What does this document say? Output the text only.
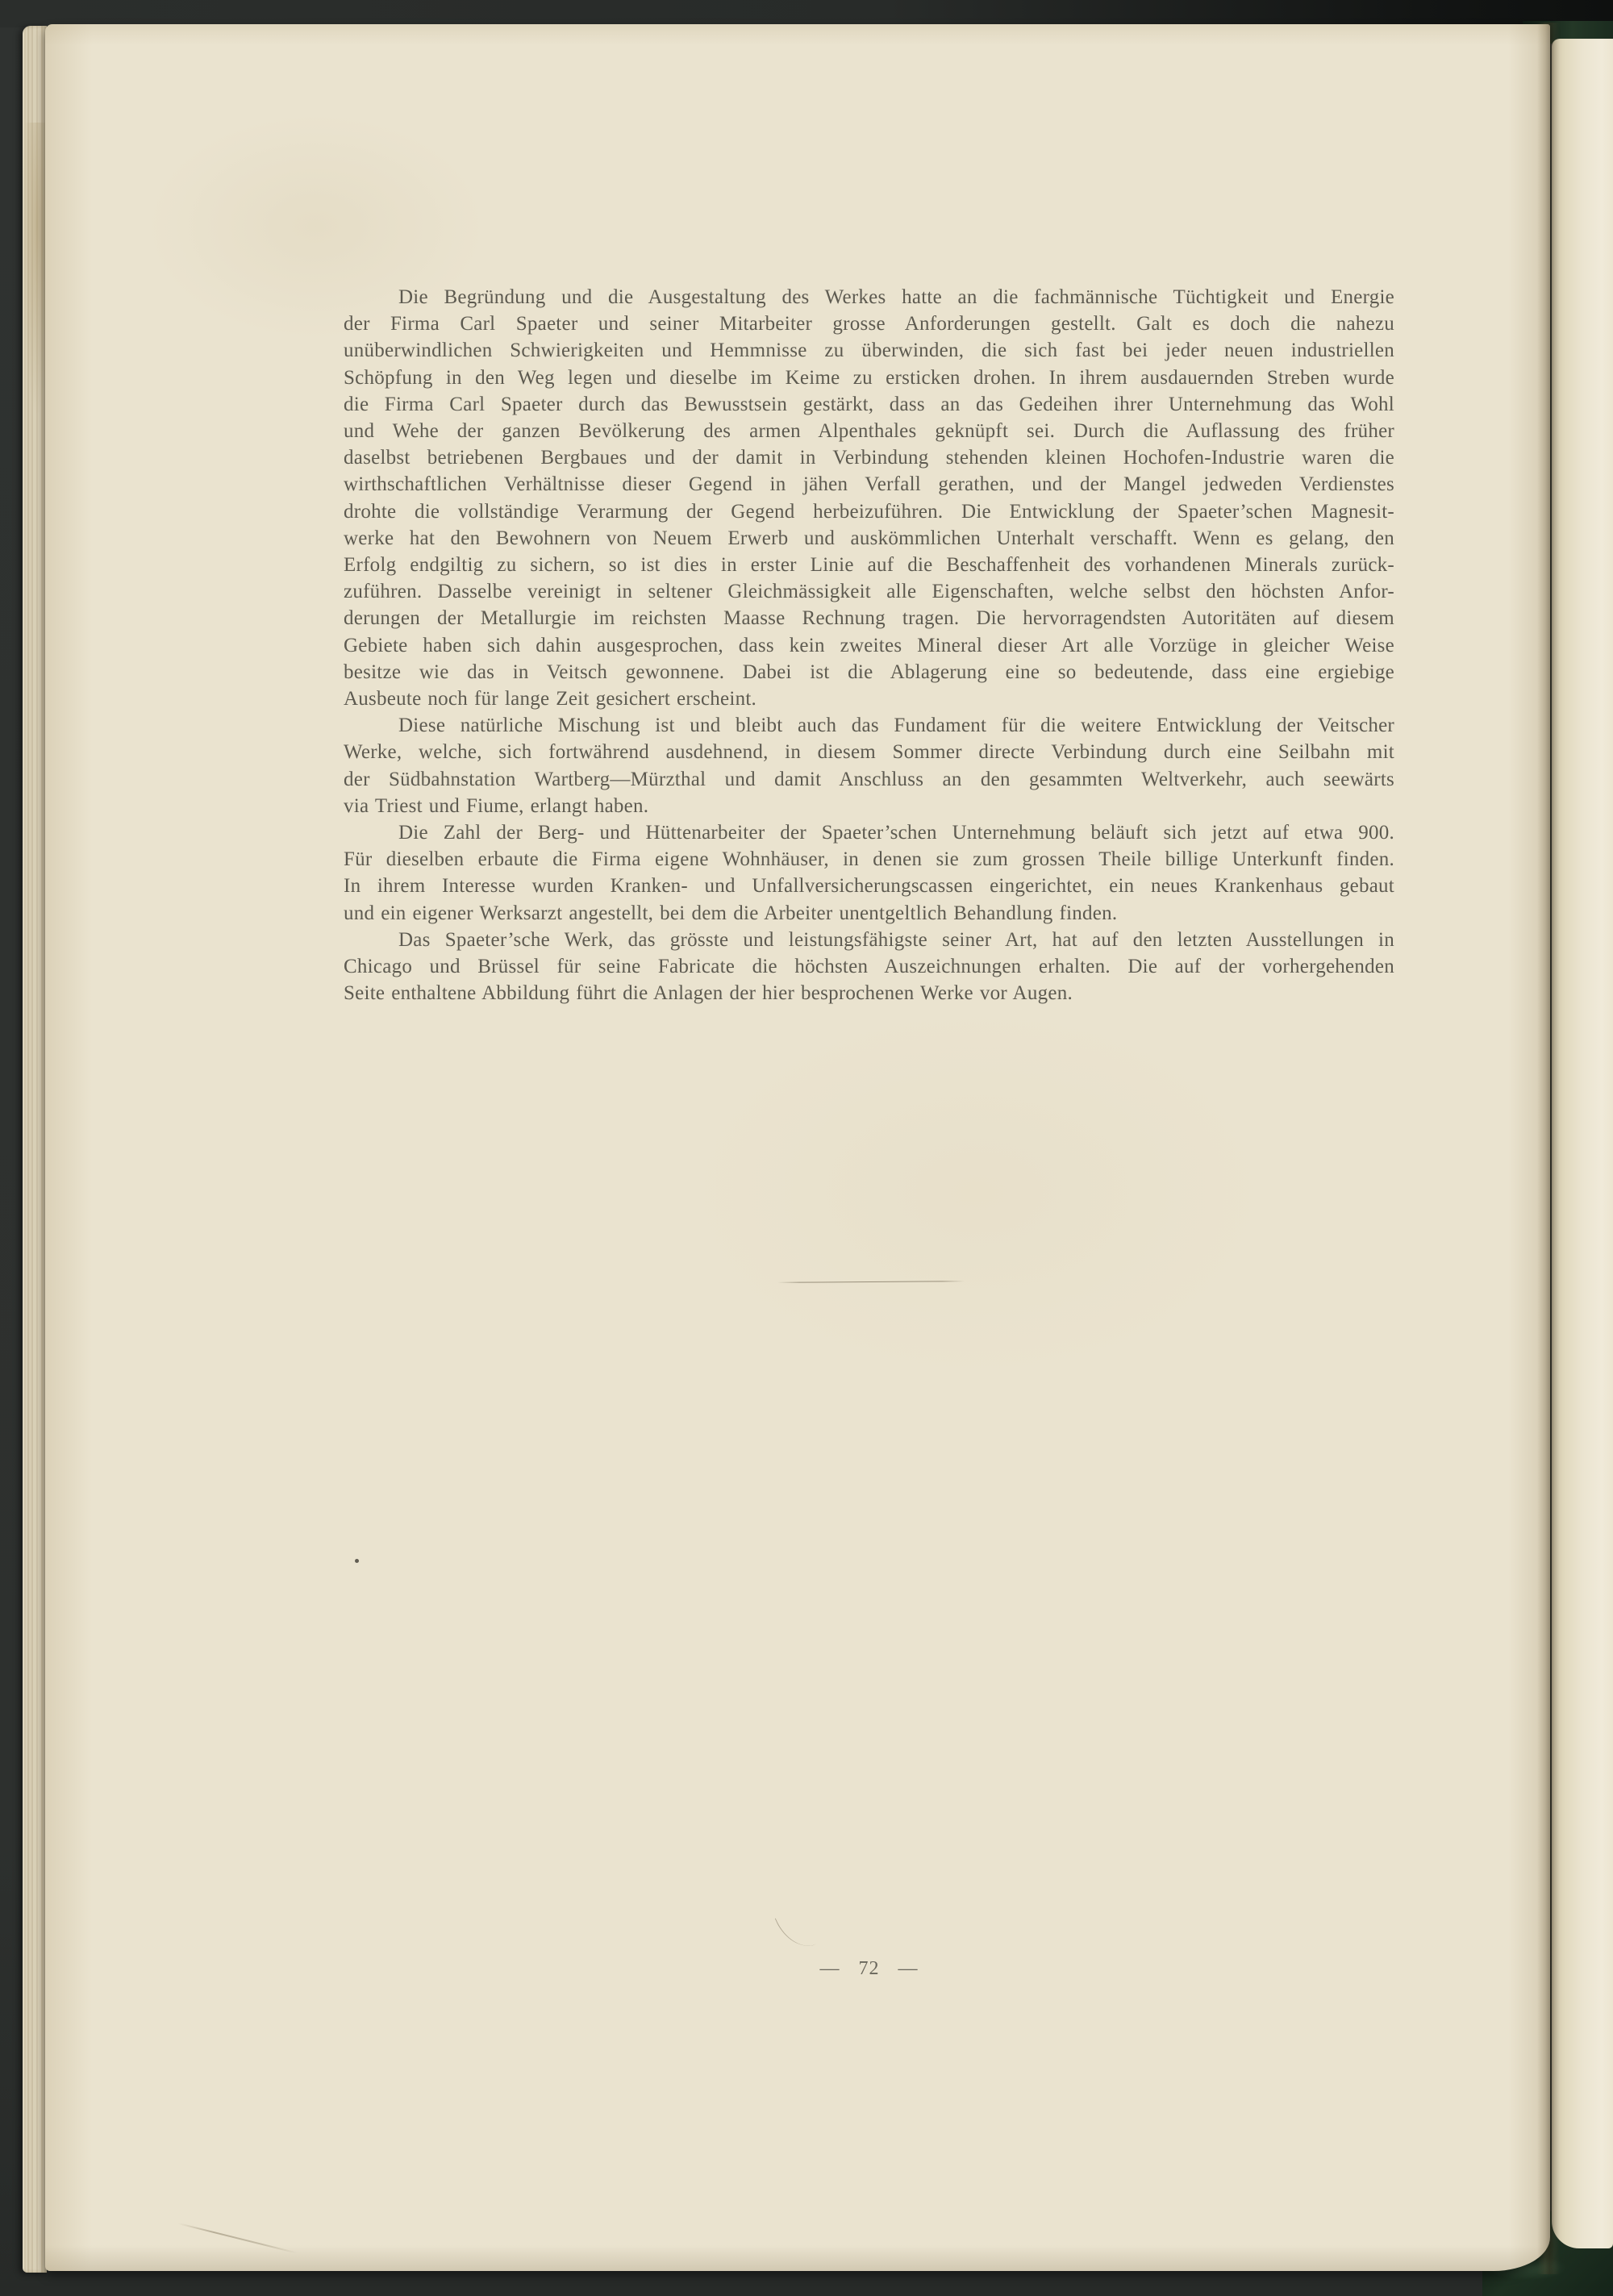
Die Begründung und die Ausgestaltung des Werkes hatte an die fachmännische Tüchtigkeit und Energie
der Firma Carl Spaeter und seiner Mitarbeiter grosse Anforderungen gestellt. Galt es doch die nahezu
unüberwindlichen Schwierigkeiten und Hemmnisse zu überwinden, die sich fast bei jeder neuen industriellen
Schöpfung in den Weg legen und dieselbe im Keime zu ersticken drohen. In ihrem ausdauernden Streben wurde
die Firma Carl Spaeter durch das Bewusstsein gestärkt, dass an das Gedeihen ihrer Unternehmung das Wohl
und Wehe der ganzen Bevölkerung des armen Alpenthales geknüpft sei. Durch die Auflassung des früher
daselbst betriebenen Bergbaues und der damit in Verbindung stehenden kleinen Hochofen-Industrie waren die
wirthschaftlichen Verhältnisse dieser Gegend in jähen Verfall gerathen, und der Mangel jedweden Verdienstes
drohte die vollständige Verarmung der Gegend herbeizuführen. Die Entwicklung der Spaeter’schen Magnesit-
werke hat den Bewohnern von Neuem Erwerb und auskömmlichen Unterhalt verschafft. Wenn es gelang, den
Erfolg endgiltig zu sichern, so ist dies in erster Linie auf die Beschaffenheit des vorhandenen Minerals zurück-
zuführen. Dasselbe vereinigt in seltener Gleichmässigkeit alle Eigenschaften, welche selbst den höchsten Anfor-
derungen der Metallurgie im reichsten Maasse Rechnung tragen. Die hervorragendsten Autoritäten auf diesem
Gebiete haben sich dahin ausgesprochen, dass kein zweites Mineral dieser Art alle Vorzüge in gleicher Weise
besitze wie das in Veitsch gewonnene. Dabei ist die Ablagerung eine so bedeutende, dass eine ergiebige
Ausbeute noch für lange Zeit gesichert erscheint.
Diese natürliche Mischung ist und bleibt auch das Fundament für die weitere Entwicklung der Veitscher
Werke, welche, sich fortwährend ausdehnend, in diesem Sommer directe Verbindung durch eine Seilbahn mit
der Südbahnstation Wartberg—Mürzthal und damit Anschluss an den gesammten Weltverkehr, auch seewärts
via Triest und Fiume, erlangt haben.
Die Zahl der Berg- und Hüttenarbeiter der Spaeter’schen Unternehmung beläuft sich jetzt auf etwa 900.
Für dieselben erbaute die Firma eigene Wohnhäuser, in denen sie zum grossen Theile billige Unterkunft finden.
In ihrem Interesse wurden Kranken- und Unfallversicherungscassen eingerichtet, ein neues Krankenhaus gebaut
und ein eigener Werksarzt angestellt, bei dem die Arbeiter unentgeltlich Behandlung finden.
Das Spaeter’sche Werk, das grösste und leistungsfähigste seiner Art, hat auf den letzten Ausstellungen in
Chicago und Brüssel für seine Fabricate die höchsten Auszeichnungen erhalten. Die auf der vorhergehenden
Seite enthaltene Abbildung führt die Anlagen der hier besprochenen Werke vor Augen.
— 72 —
